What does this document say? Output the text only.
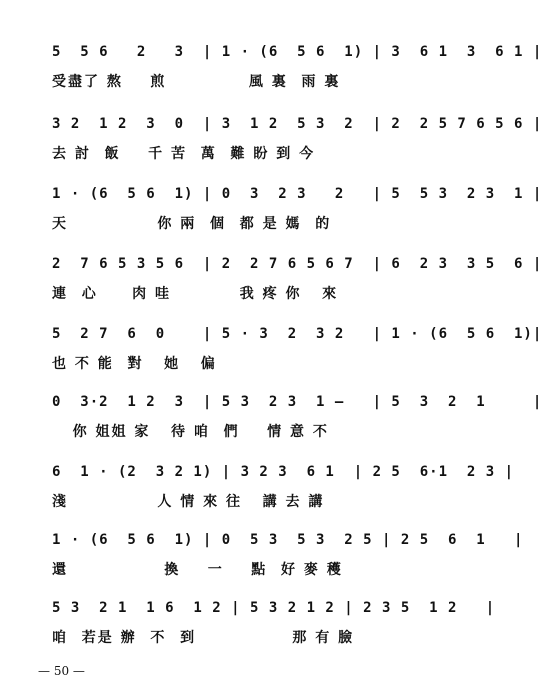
5  5 6   2   3  | 1 · (6  5 6  1) | 3  6 1  3  6 1 |
受盡了 熬    煎            風 裏  雨 裏
3 2  1 2  3  0  | 3  1 2  5 3  2  | 2  2 5 7 6 5 6 |
去 討  飯    千 苦  萬  難 盼 到 今
1 · (6  5 6  1) | 0  3  2 3   2   | 5  5 3  2 3  1 |
天             你 兩  個  都 是 媽  的
2  7 6 5 3 5 6  | 2  2 7 6 5 6 7  | 6  2 3  3 5  6 |
連  心     肉 哇          我 疼 你   來
5  2 7  6  0    | 5 · 3  2  3 2   | 1 · (6  5 6  1)|
也 不 能  對   她   偏
0  3·2  1 2  3  | 5 3  2 3  1 —   | 5  3  2  1     |
你 姐姐 家   待 咱  們    情 意 不
6  1 · (2  3 2 1) | 3 2 3  6 1  | 2 5  6·1  2 3 |
淺             人 情 來 往   講 去 講
1 · (6  5 6  1) | 0  5 3  5 3  2 5 | 2 5  6  1   |
還              換    一    點  好 麥 穫
5 3  2 1  1 6  1 2 | 5 3 2 1 2 | 2 3 5  1 2   |
咱  若是 辦  不  到              那 有 臉
— 50 —
